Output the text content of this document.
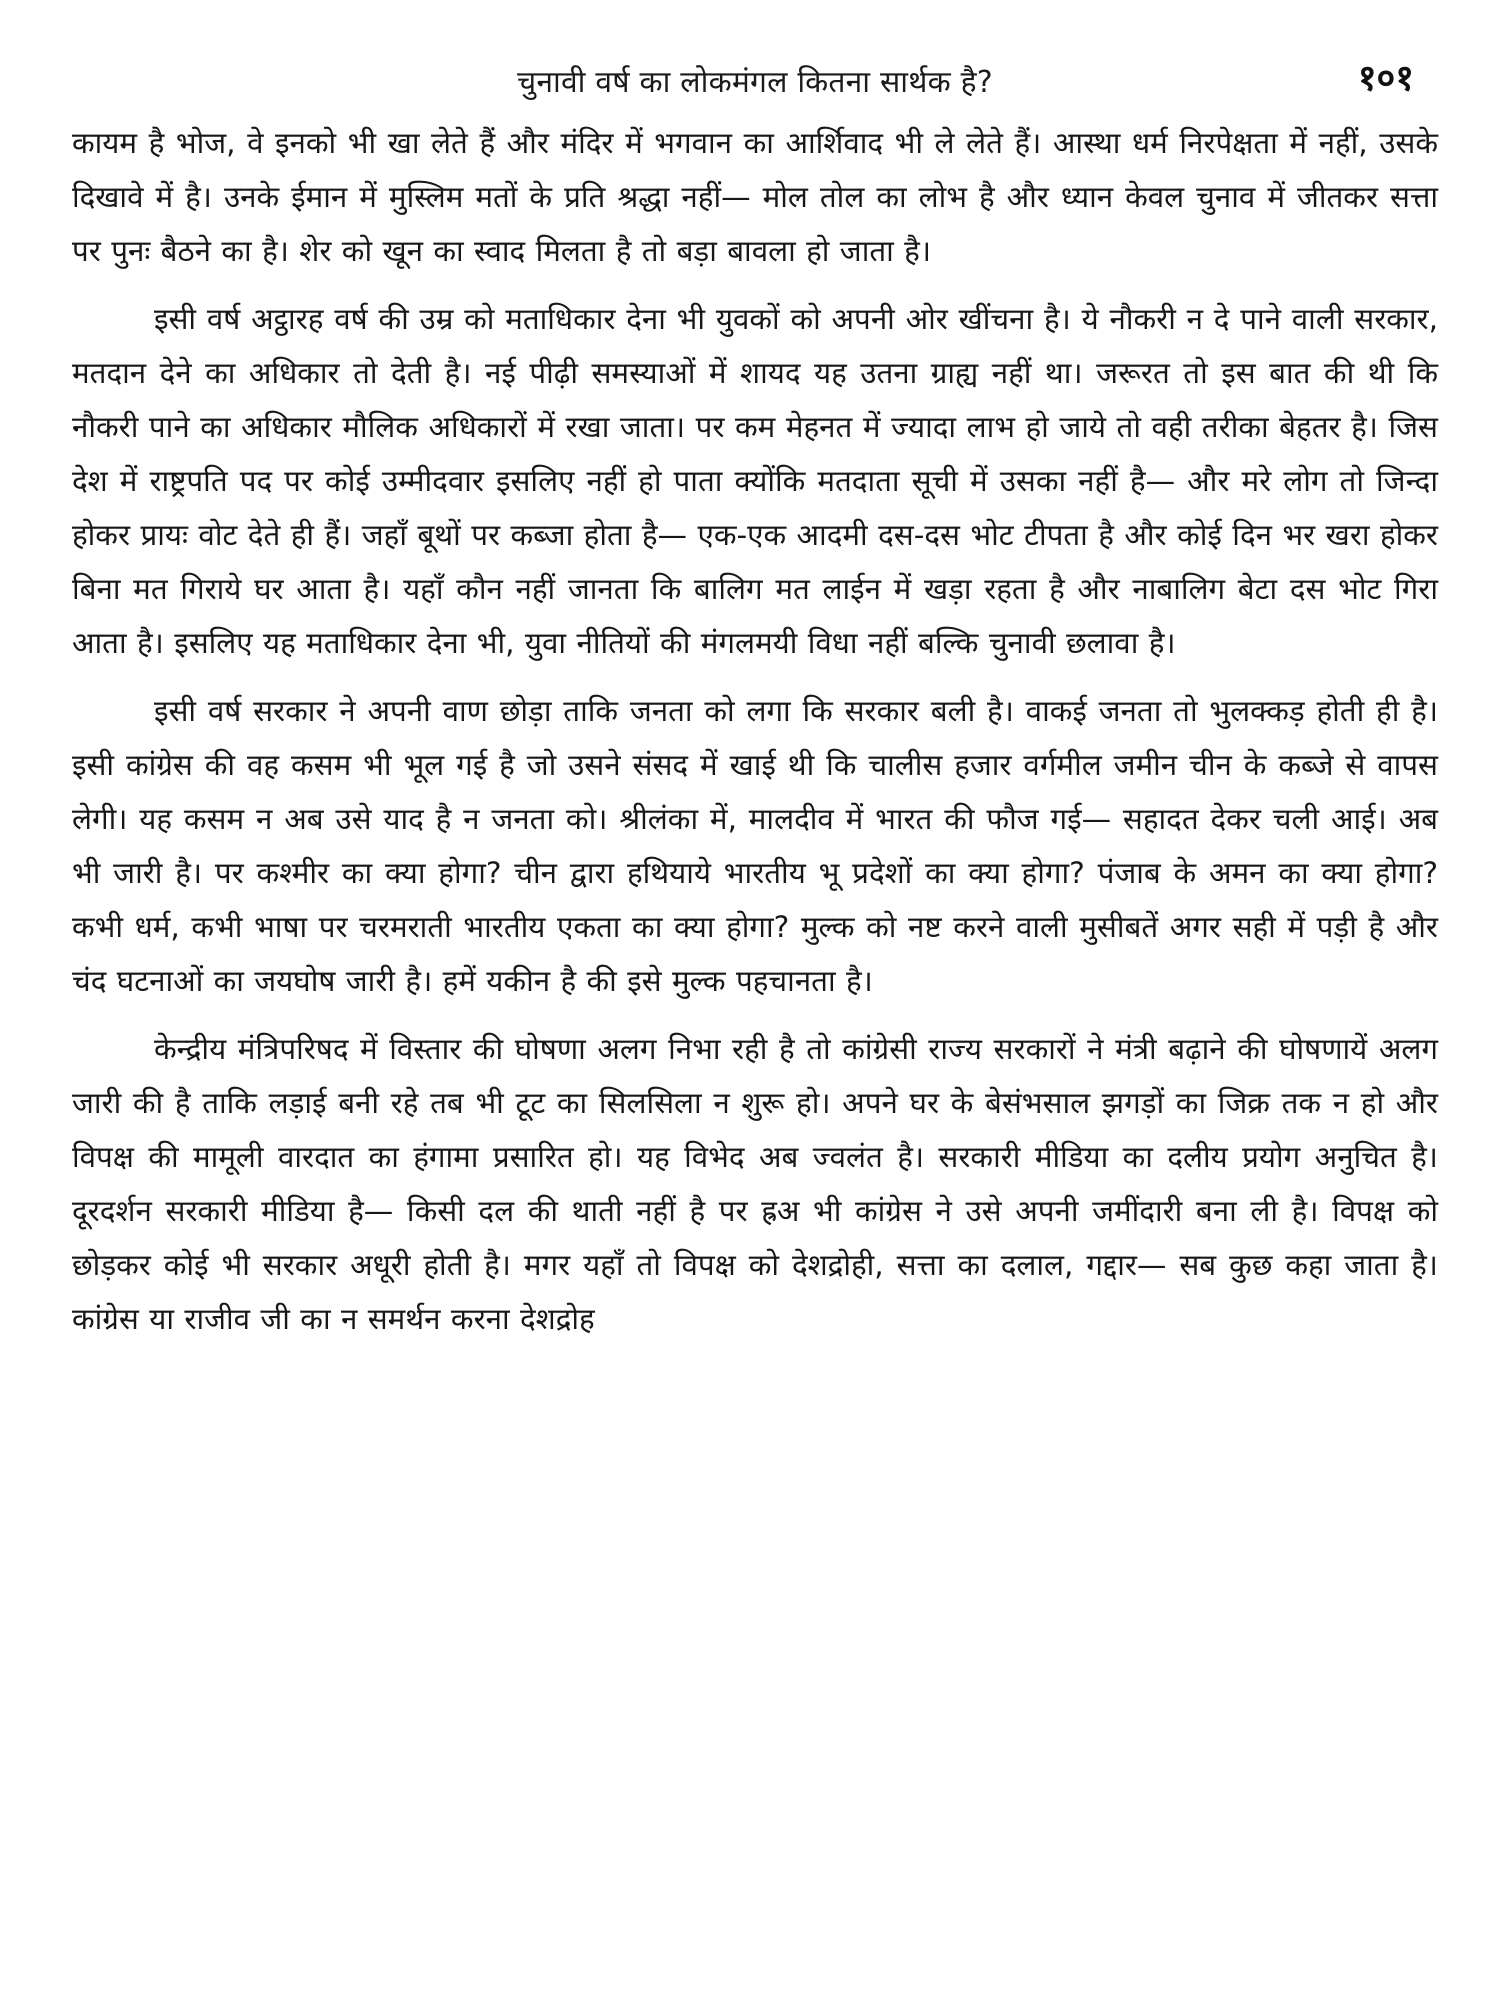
चुनावी वर्ष का लोकमंगल कितना सार्थक है?	१०१

कायम है भोज, वे इनको भी खा लेते हैं और मंदिर में भगवान का आर्शिवाद भी ले लेते हैं। आस्था धर्म निरपेक्षता में नहीं, उसके दिखावे में है। उनके ईमान में मुस्लिम मतों के प्रति श्रद्धा नहीं— मोल तोल का लोभ है और ध्यान केवल चुनाव में जीतकर सत्ता पर पुनः बैठने का है। शेर को खून का स्वाद मिलता है तो बड़ा बावला हो जाता है।

इसी वर्ष अट्ठारह वर्ष की उम्र को मताधिकार देना भी युवकों को अपनी ओर खींचना है। ये नौकरी न दे पाने वाली सरकार, मतदान देने का अधिकार तो देती है। नई पीढ़ी समस्याओं में शायद यह उतना ग्राह्य नहीं था। जरूरत तो इस बात की थी कि नौकरी पाने का अधिकार मौलिक अधिकारों में रखा जाता। पर कम मेहनत में ज्यादा लाभ हो जाये तो वही तरीका बेहतर है। जिस देश में राष्ट्रपति पद पर कोई उम्मीदवार इसलिए नहीं हो पाता क्योंकि मतदाता सूची में उसका नहीं है— और मरे लोग तो जिन्दा होकर प्रायः वोट देते ही हैं। जहाँ बूथों पर कब्जा होता है— एक-एक आदमी दस-दस भोट टीपता है और कोई दिन भर खरा होकर बिना मत गिराये घर आता है। यहाँ कौन नहीं जानता कि बालिग मत लाईन में खड़ा रहता है और नाबालिग बेटा दस भोट गिरा आता है। इसलिए यह मताधिकार देना भी, युवा नीतियों की मंगलमयी विधा नहीं बल्कि चुनावी छलावा है।

इसी वर्ष सरकार ने अपनी वाण छोड़ा ताकि जनता को लगा कि सरकार बली है। वाकई जनता तो भुलक्कड़ होती ही है। इसी कांग्रेस की वह कसम भी भूल गई है जो उसने संसद में खाई थी कि चालीस हजार वर्गमील जमीन चीन के कब्जे से वापस लेगी। यह कसम न अब उसे याद है न जनता को। श्रीलंका में, मालदीव में भारत की फौज गई— सहादत देकर चली आई। अब भी जारी है। पर कश्मीर का क्या होगा? चीन द्वारा हथियाये भारतीय भू प्रदेशों का क्या होगा? पंजाब के अमन का क्या होगा? कभी धर्म, कभी भाषा पर चरमराती भारतीय एकता का क्या होगा? मुल्क को नष्ट करने वाली मुसीबतें अगर सही में पड़ी है और चंद घटनाओं का जयघोष जारी है। हमें यकीन है की इसे मुल्क पहचानता है।

केन्द्रीय मंत्रिपरिषद में विस्तार की घोषणा अलग निभा रही है तो कांग्रेसी राज्य सरकारों ने मंत्री बढ़ाने की घोषणायें अलग जारी की है ताकि लड़ाई बनी रहे तब भी टूट का सिलसिला न शुरू हो। अपने घर के बेसंभसाल झगड़ों का जिक्र तक न हो और विपक्ष की मामूली वारदात का हंगामा प्रसारित हो। यह विभेद अब ज्वलंत है। सरकारी मीडिया का दलीय प्रयोग अनुचित है। दूरदर्शन सरकारी मीडिया है— किसी दल की थाती नहीं है पर ह्रअ भी कांग्रेस ने उसे अपनी जमींदारी बना ली है। विपक्ष को छोड़कर कोई भी सरकार अधूरी होती है। मगर यहाँ तो विपक्ष को देशद्रोही, सत्ता का दलाल, गद्दार— सब कुछ कहा जाता है। कांग्रेस या राजीव जी का न समर्थन करना देशद्रोह
